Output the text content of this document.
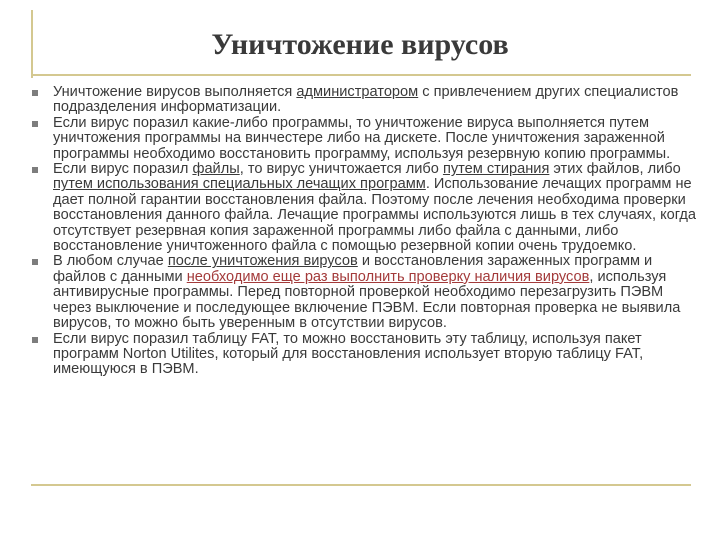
Уничтожение вирусов
Уничтожение вирусов выполняется администратором с привлечением других специалистов подразделения информатизации.
Если вирус поразил какие-либо программы, то уничтожение вируса выполняется путем уничтожения программы на винчестере либо на дискете. После уничтожения зараженной программы необходимо восстановить программу, используя резервную копию программы.
Если вирус поразил файлы, то вирус уничтожается либо путем стирания этих файлов, либо путем использования специальных лечащих программ. Использование лечащих программ не дает полной гарантии восстановления файла. Поэтому после лечения необходима проверки восстановления данного файла. Лечащие программы используются лишь в тех случаях, когда отсутствует резервная копия зараженной программы либо файла с данными, либо восстановление уничтоженного файла с помощью резервной копии очень трудоемко.
В любом случае после уничтожения вирусов и восстановления зараженных программ и файлов с данными необходимо еще раз выполнить проверку наличия вирусов, используя антивирусные программы. Перед повторной проверкой необходимо перезагрузить ПЭВМ через выключение и последующее включение ПЭВМ. Если повторная проверка не выявила вирусов, то можно быть уверенным в отсутствии вирусов.
Если вирус поразил таблицу FAT, то можно восстановить эту таблицу, используя пакет программ Norton Utilites, который для восстановления использует вторую таблицу FAT, имеющуюся в ПЭВМ.
